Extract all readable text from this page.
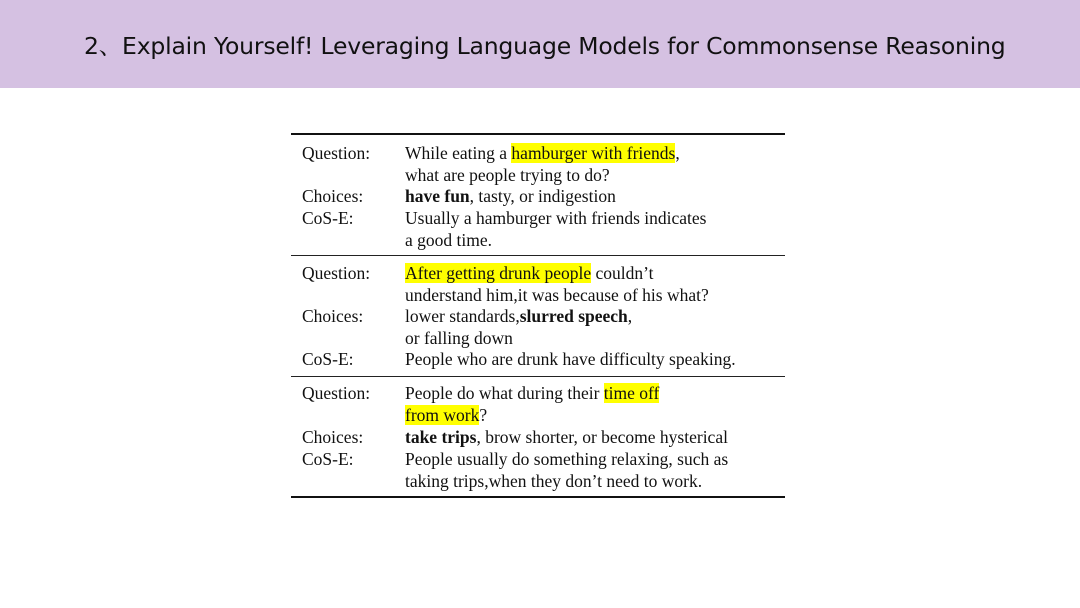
2、Explain Yourself! Leveraging Language Models for Commonsense Reasoning
Question: While eating a hamburger with friends,
what are people trying to do?
Choices: have fun, tasty, or indigestion
CoS-E:	Usually a hamburger with friends indicates
a good time.
Question: After getting drunk people couldn’t
understand him,it was because of his what?
Choices: lower standards,slurred speech,
or falling down
CoS-E:	People who are drunk have difficulty speaking.
Question: People do what during their time off
from work?
Choices: take trips, brow shorter, or become hysterical
CoS-E:	People usually do something relaxing, such as
taking trips,when they don’t need to work.
